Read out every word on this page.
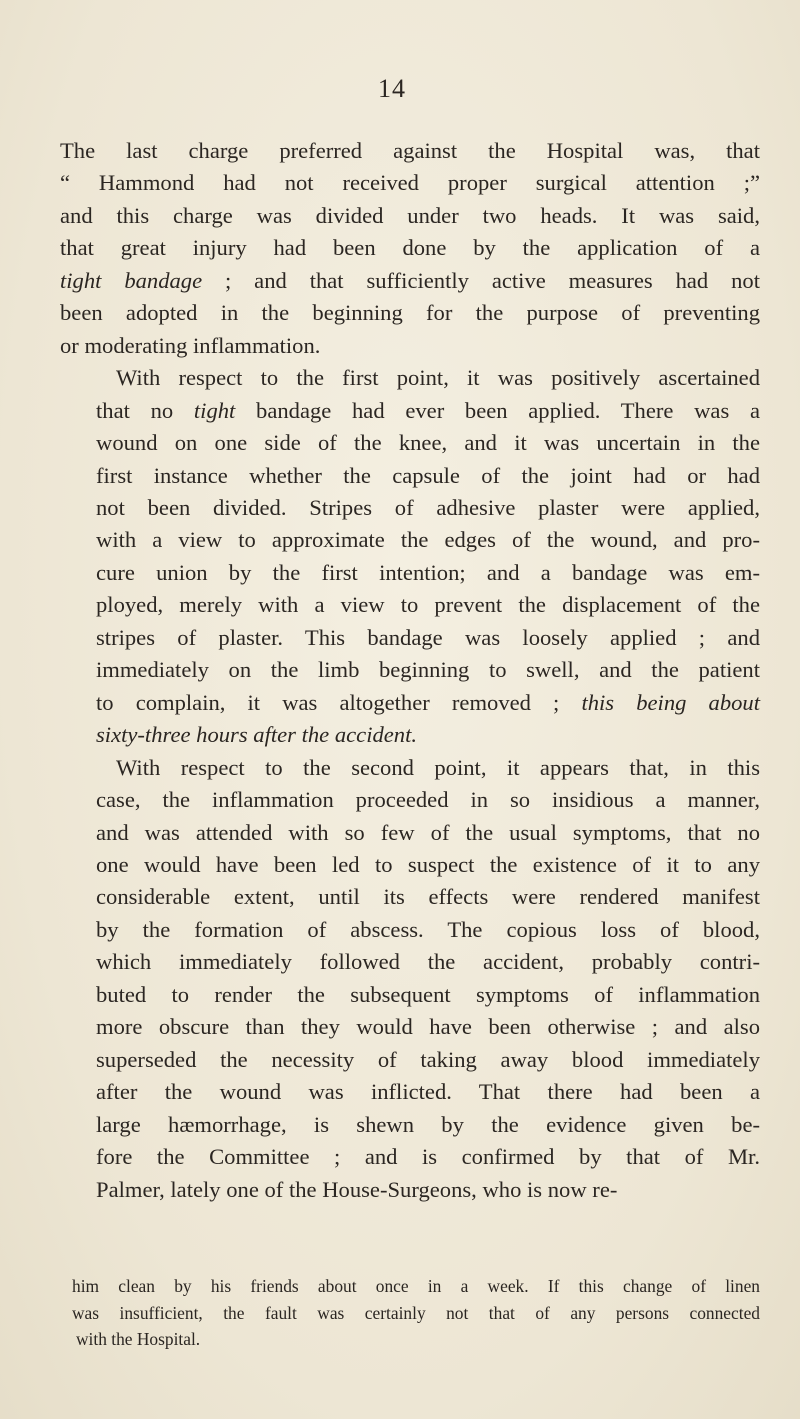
14

The last charge preferred against the Hospital was, that
“ Hammond had not received proper surgical attention ;”
and this charge was divided under two heads. It was said,
that great injury had been done by the application of a
tight bandage ; and that sufficiently active measures had not
been adopted in the beginning for the purpose of preventing
or moderating inflammation.

With respect to the first point, it was positively ascertained
that no tight bandage had ever been applied. There was a
wound on one side of the knee, and it was uncertain in the
first instance whether the capsule of the joint had or had
not been divided. Stripes of adhesive plaster were applied,
with a view to approximate the edges of the wound, and pro-
cure union by the first intention; and a bandage was em-
ployed, merely with a view to prevent the displacement of the
stripes of plaster. This bandage was loosely applied ; and
immediately on the limb beginning to swell, and the patient
to complain, it was altogether removed ; this being about
sixty-three hours after the accident.

With respect to the second point, it appears that, in this
case, the inflammation proceeded in so insidious a manner,
and was attended with so few of the usual symptoms, that no
one would have been led to suspect the existence of it to any
considerable extent, until its effects were rendered manifest
by the formation of abscess. The copious loss of blood,
which immediately followed the accident, probably contri-
buted to render the subsequent symptoms of inflammation
more obscure than they would have been otherwise ; and also
superseded the necessity of taking away blood immediately
after the wound was inflicted. That there had been a
large hæmorrhage, is shewn by the evidence given be-
fore the Committee ; and is confirmed by that of Mr.
Palmer, lately one of the House-Surgeons, who is now re-

him clean by his friends about once in a week. If this change of linen
was insufficient, the fault was certainly not that of any persons connected
with the Hospital.
